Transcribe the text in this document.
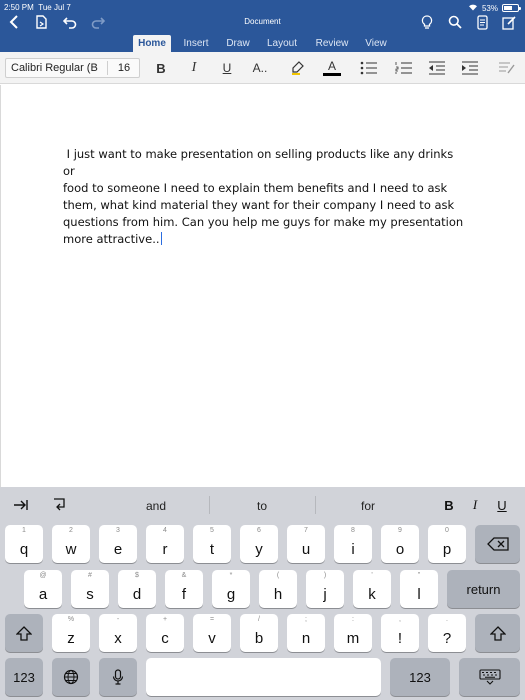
2:50 PM Tue Jul 7	53%
Document
Home	Insert	Draw	Layout	Review	View
Calibri Regular (B	16	B	I	U	A..	A
I just want to make presentation on selling products like any drinks or
food to someone I need to explain them benefits and I need to ask
them, what kind material they want for their company I need to ask
questions from him. Can you help me guys for make my presentation
more attractive..
and	to	for	B	I	U
1
q
2
w
3
e
4
r
5
t
6
y
7
u
8
i
9
o
0
p
@
a
#
s
$
d
&
f
*
g
(
h
)
j
'
k
"
l	return
%
z
-
x
+
c
=
v
/
b
;
n
:
m
,
!
.
?
123	123
